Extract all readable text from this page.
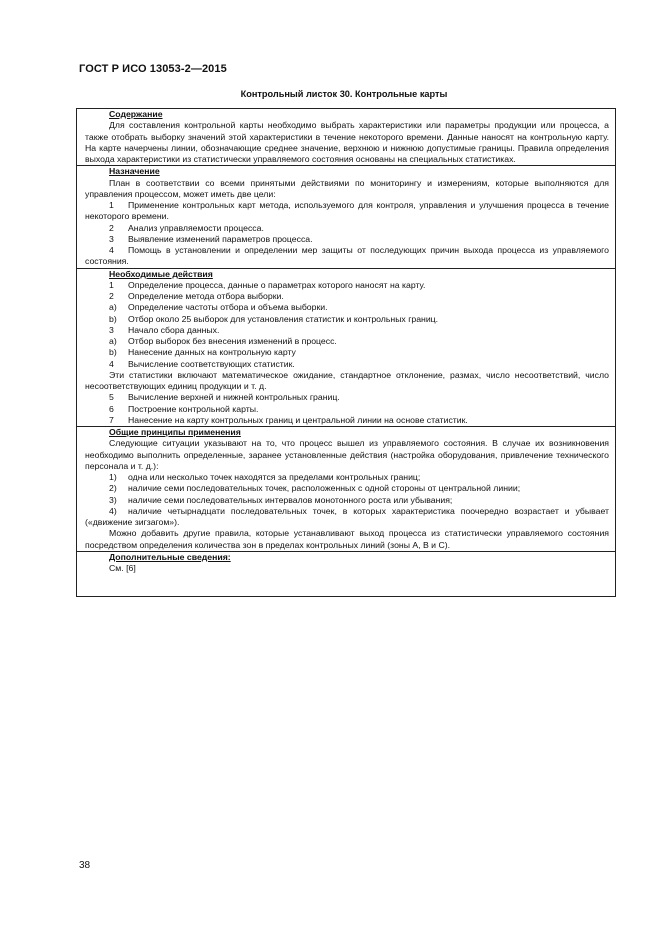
ГОСТ Р ИСО 13053-2—2015
Контрольный листок 30. Контрольные карты
Содержание

Для составления контрольной карты необходимо выбрать характеристики или параметры продукции или процесса, а также отобрать выборку значений этой характеристики в течение некоторого времени. Данные наносят на контрольную карту. На карте начерчены линии, обозначающие среднее значение, верхнюю и нижнюю допустимые границы. Правила определения выхода характеристики из статистически управляемого состояния основаны на специальных статистиках.

Назначение

План в соответствии со всеми принятыми действиями по мониторингу и измерениям, которые выполняются для управления процессом, может иметь две цели:

1 Применение контрольных карт метода, используемого для контроля, управления и улучшения процесса в течение некоторого времени.
2	Анализ управляемости процесса.
3	Выявление изменений параметров процесса.
4 Помощь в установлении и определении мер защиты от последующих причин выхода процесса из управляемого состояния.
Необходимые действия
1	Определение процесса, данные о параметрах которого наносят на карту.
2	Определение метода отбора выборки.
a)	Определение частоты отбора и объема выборки.
b)	Отбор около 25 выборок для установления статистик и контрольных границ.
3	Начало сбора данных.
a)	Отбор выборок без внесения изменений в процесс.
b)	Нанесение данных на контрольную карту
4	Вычисление соответствующих статистик.

Эти статистики включают математическое ожидание, стандартное отклонение, размах, число несоответствий, число несоответствующих единиц продукции и т. д.

5	Вычисление верхней и нижней контрольных границ.
6	Построение контрольной карты.
7	Нанесение на карту контрольных границ и центральной линии на основе статистик.
Общие принципы применения

Следующие ситуации указывают на то, что процесс вышел из управляемого состояния. В случае их возникновения необходимо выполнить определенные, заранее установленные действия (настройка оборудования, привлечение технического персонала и т. д.):

1)	одна или несколько точек находятся за пределами контрольных границ;
2)	наличие семи последовательных точек, расположенных с одной стороны от центральной линии;
3)	наличие семи последовательных интервалов монотонного роста или убывания;
4) наличие четырнадцати последовательных точек, в которых характеристика поочередно возрастает и убывает («движение зигзагом»).

Можно добавить другие правила, которые устанавливают выход процесса из статистически управляемого состояния посредством определения количества зон в пределах контрольных линий (зоны А, В и С).

Дополнительные сведения:

См. [6]

38
